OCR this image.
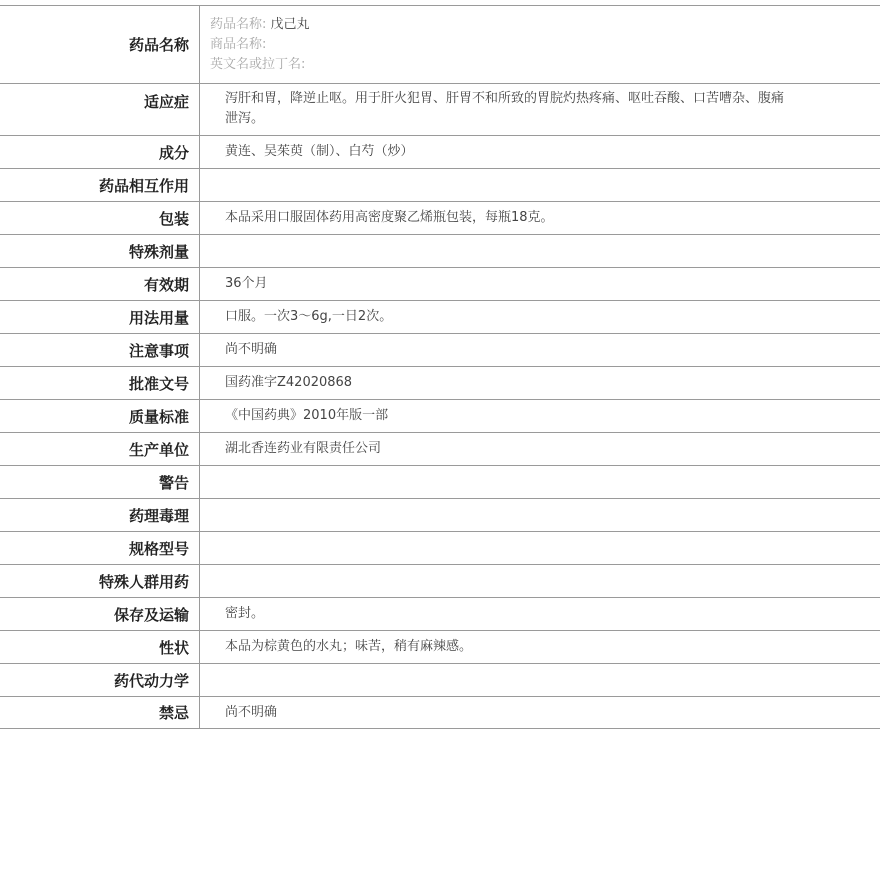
药品名称
药品名称: 戊己丸
商品名称:
英文名或拉丁名:
适应症	泻肝和胃，降逆止呕。用于肝火犯胃、肝胃不和所致的胃脘灼热疼痛、呕吐吞酸、口苦嘈杂、腹痛泄泻。
成分	黄连、吴茱萸（制）、白芍（炒）
药品相互作用
包装	本品采用口服固体药用高密度聚乙烯瓶包装，每瓶18克。
特殊剂量
有效期	36个月
用法用量	口服。一次3～6g,一日2次。
注意事项	尚不明确
批准文号	国药准字Z42020868
质量标准	《中国药典》2010年版一部
生产单位	湖北香连药业有限责任公司
警告
药理毒理
规格型号
特殊人群用药
保存及运输	密封。
性状	本品为棕黄色的水丸；味苦，稍有麻辣感。
药代动力学
禁忌	尚不明确
